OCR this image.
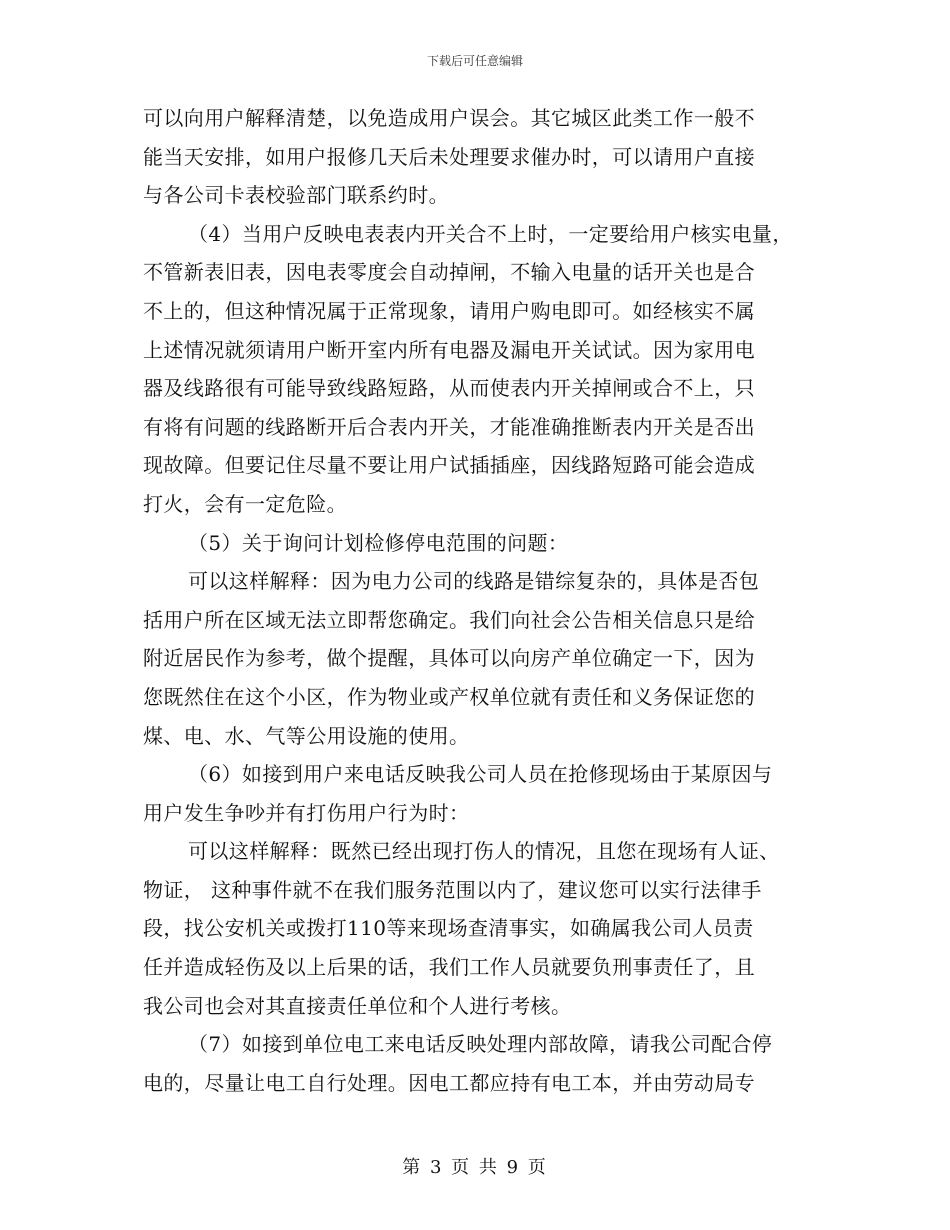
下载后可任意编辑
可以向用户解释清楚，以免造成用户误会。其它城区此类工作一般不
能当天安排，如用户报修几天后未处理要求催办时，可以请用户直接
与各公司卡表校验部门联系约时。
（4）当用户反映电表表内开关合不上时，一定要给用户核实电量，
不管新表旧表，因电表零度会自动掉闸，不输入电量的话开关也是合
不上的，但这种情况属于正常现象，请用户购电即可。如经核实不属
上述情况就须请用户断开室内所有电器及漏电开关试试。因为家用电
器及线路很有可能导致线路短路，从而使表内开关掉闸或合不上，只
有将有问题的线路断开后合表内开关，才能准确推断表内开关是否出
现故障。但要记住尽量不要让用户试插插座，因线路短路可能会造成
打火，会有一定危险。
（5）关于询问计划检修停电范围的问题：
可以这样解释：因为电力公司的线路是错综复杂的，具体是否包
括用户所在区域无法立即帮您确定。我们向社会公告相关信息只是给
附近居民作为参考，做个提醒，具体可以向房产单位确定一下，因为
您既然住在这个小区，作为物业或产权单位就有责任和义务保证您的
煤、电、水、气等公用设施的使用。
（6）如接到用户来电话反映我公司人员在抢修现场由于某原因与
用户发生争吵并有打伤用户行为时：
可以这样解释：既然已经出现打伤人的情况，且您在现场有人证、
物证， 这种事件就不在我们服务范围以内了，建议您可以实行法律手
段，找公安机关或拨打110等来现场查清事实，如确属我公司人员责
任并造成轻伤及以上后果的话，我们工作人员就要负刑事责任了，且
我公司也会对其直接责任单位和个人进行考核。
（7）如接到单位电工来电话反映处理内部故障，请我公司配合停
电的，尽量让电工自行处理。因电工都应持有电工本，并由劳动局专
第 3 页 共 9 页
